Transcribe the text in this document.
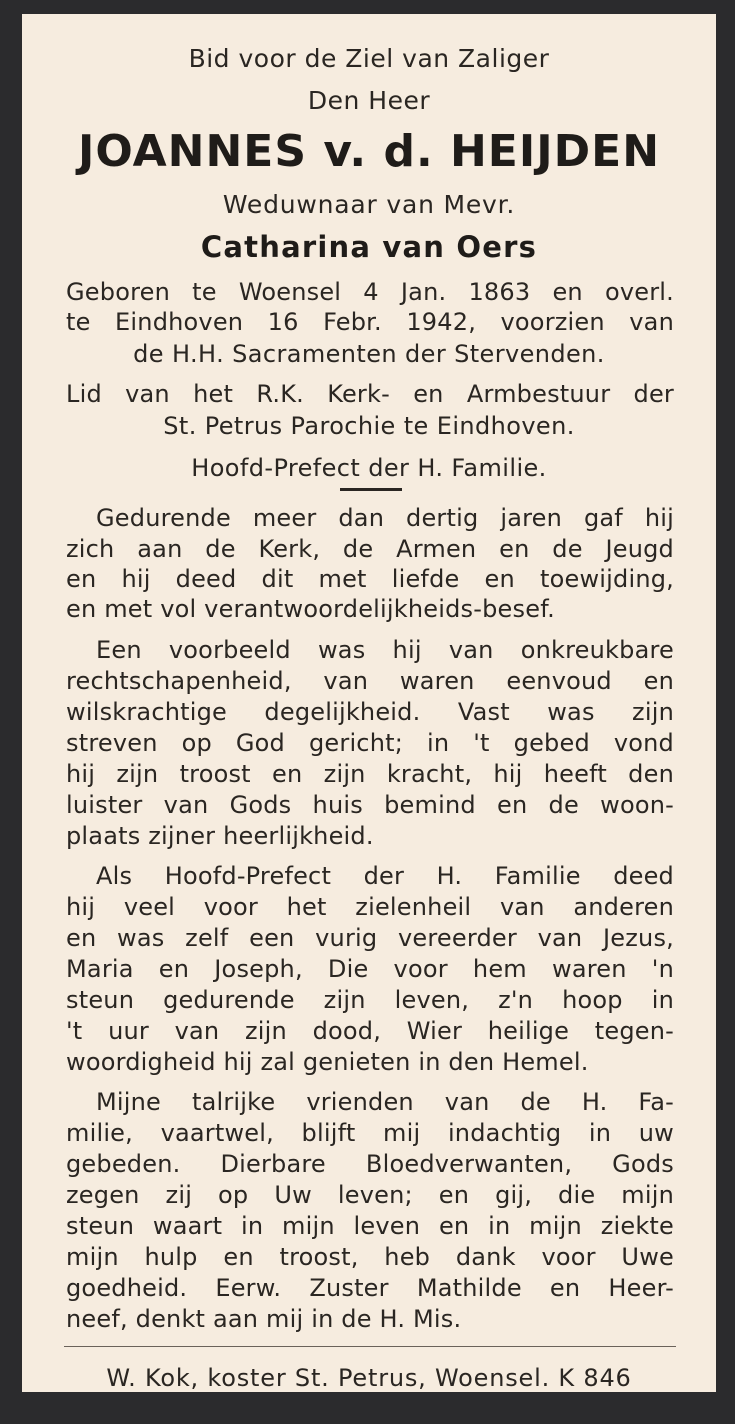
Bid voor de Ziel van Zaliger
Den Heer
JOANNES v. d. HEIJDEN
Weduwnaar van Mevr.
Catharina van Oers
Geboren te Woensel 4 Jan. 1863 en overl.
te Eindhoven 16 Febr. 1942, voorzien van
de H.H. Sacramenten der Stervenden.
Lid van het R.K. Kerk- en Armbestuur der
St. Petrus Parochie te Eindhoven.
Hoofd-Prefect der H. Familie.
Gedurende meer dan dertig jaren gaf hij
zich aan de Kerk, de Armen en de Jeugd
en hij deed dit met liefde en toewijding,
en met vol verantwoordelijkheids-besef.
Een voorbeeld was hij van onkreukbare
rechtschapenheid, van waren eenvoud en
wilskrachtige degelijkheid. Vast was zijn
streven op God gericht; in 't gebed vond
hij zijn troost en zijn kracht, hij heeft den
luister van Gods huis bemind en de woon-
plaats zijner heerlijkheid.
Als Hoofd-Prefect der H. Familie deed
hij veel voor het zielenheil van anderen
en was zelf een vurig vereerder van Jezus,
Maria en Joseph, Die voor hem waren 'n
steun gedurende zijn leven, z'n hoop in
't uur van zijn dood, Wier heilige tegen-
woordigheid hij zal genieten in den Hemel.
Mijne talrijke vrienden van de H. Fa-
milie, vaartwel, blijft mij indachtig in uw
gebeden. Dierbare Bloedverwanten, Gods
zegen zij op Uw leven; en gij, die mijn
steun waart in mijn leven en in mijn ziekte
mijn hulp en troost, heb dank voor Uwe
goedheid. Eerw. Zuster Mathilde en Heer-
neef, denkt aan mij in de H. Mis.
W. Kok, koster St. Petrus, Woensel. K 846
